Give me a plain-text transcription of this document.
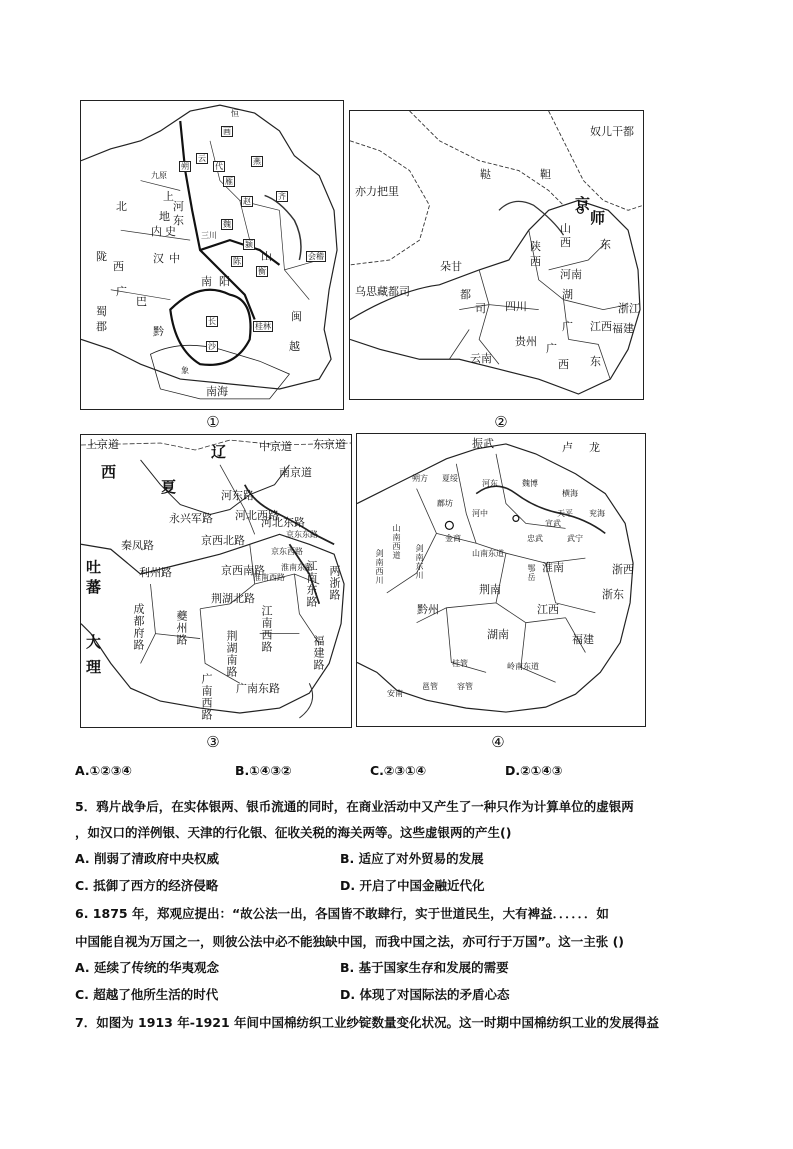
画
朔
云
代
恒
雁
燕
北
上
地
九原
陇
西
河
东
内 史
魏
齐
赵
汉 中
三 川
颍
陈
南 阳
巴
蜀
郡
广
衡
山
长
沙
黔
会稽
闽
越
南海
桂林
象
①
奴儿干都
亦力把里
鞑	靼
京
师
山
西	东
陕
西
河南
乌思藏都司
朵甘
都
司 四川
湖
广
浙江
江西 福建
贵州
云南
广
西 东
②
上京道	辽	中京道 东京道
南京道
西
夏	河东路
河北东路
河北西路
京东西路
京东东路
永兴军路
秦凤路	京西北路
京西南路 淮南东路
淮南西路
吐
蕃
利州路
成都府路	夔州路
荆湖北路
荆湖南路
江南东路
江南西路
两浙路
福建路
广南西路 广南东路
大
理
③
振武	卢 龙
朔方 夏绥
河东	魏博
横海
鄜坊
河中	天平 兖海
山南西道	金商
山南东道
忠武
宣武
武宁
淮南	浙西
浙东
黔州
荆南
江西
鄂岳
湖南	福建
桂管	岭南东道
邕管 容管
安南
剑南东川
剑南西川
④
A.①②③④	B.①④③②	C.②③①④	D.②①④③
5．鸦片战争后，在实体银两、银币流通的同时，在商业活动中又产生了一种只作为计算单位的虚银两
，如汉口的洋例银、天津的行化银、征收关税的海关两等。这些虚银两的产生()
A. 削弱了清政府中央权威	B. 适应了对外贸易的发展
C. 抵御了西方的经济侵略	D. 开启了中国金融近代化
6. 1875 年，郑观应提出：“故公法一出，各国皆不敢肆行，实于世道民生，大有裨益．．．．．．如
中国能自视为万国之一，则彼公法中必不能独缺中国，而我中国之法，亦可行于万国”。这一主张 ()
A. 延续了传统的华夷观念	B. 基于国家生存和发展的需要
C. 超越了他所生活的时代	D. 体现了对国际法的矛盾心态
7．如图为 1913 年-1921 年间中国棉纺织工业纱锭数量变化状况。这一时期中国棉纺织工业的发展得益
